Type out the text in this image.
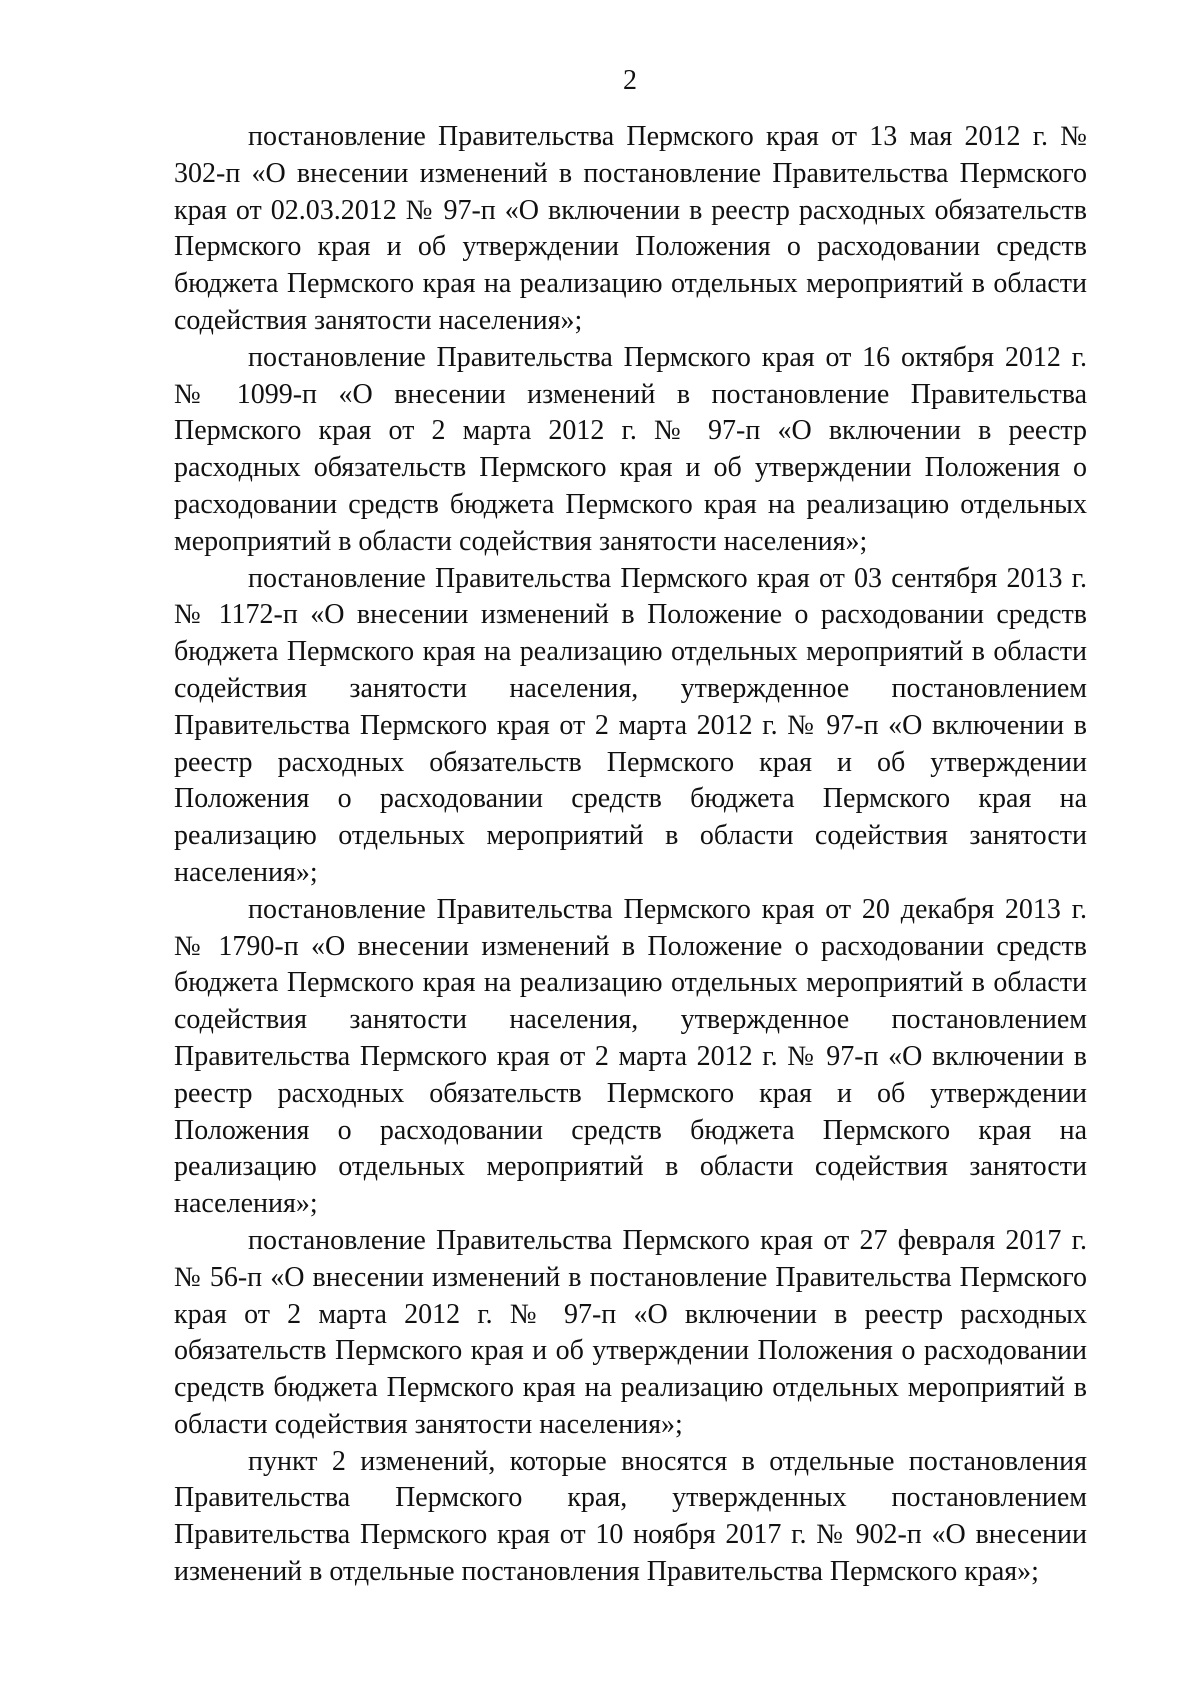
2

постановление Правительства Пермского края от 13 мая 2012 г. № 302-п «О внесении изменений в постановление Правительства Пермского края от 02.03.2012 № 97-п «О включении в реестр расходных обязательств Пермского края и об утверждении Положения о расходовании средств бюджета Пермского края на реализацию отдельных мероприятий в области содействия занятости населения»;

постановление Правительства Пермского края от 16 октября 2012 г. № 1099-п «О внесении изменений в постановление Правительства Пермского края от 2 марта 2012 г. № 97-п «О включении в реестр расходных обязательств Пермского края и об утверждении Положения о расходовании средств бюджета Пермского края на реализацию отдельных мероприятий в области содействия занятости населения»;

постановление Правительства Пермского края от 03 сентября 2013 г. № 1172-п «О внесении изменений в Положение о расходовании средств бюджета Пермского края на реализацию отдельных мероприятий в области содействия занятости населения, утвержденное постановлением Правительства Пермского края от 2 марта 2012 г. № 97-п «О включении в реестр расходных обязательств Пермского края и об утверждении Положения о расходовании средств бюджета Пермского края на реализацию отдельных мероприятий в области содействия занятости населения»;

постановление Правительства Пермского края от 20 декабря 2013 г. № 1790-п «О внесении изменений в Положение о расходовании средств бюджета Пермского края на реализацию отдельных мероприятий в области содействия занятости населения, утвержденное постановлением Правительства Пермского края от 2 марта 2012 г. № 97-п «О включении в реестр расходных обязательств Пермского края и об утверждении Положения о расходовании средств бюджета Пермского края на реализацию отдельных мероприятий в области содействия занятости населения»;

постановление Правительства Пермского края от 27 февраля 2017 г. № 56-п «О внесении изменений в постановление Правительства Пермского края от 2 марта 2012 г. № 97-п «О включении в реестр расходных обязательств Пермского края и об утверждении Положения о расходовании средств бюджета Пермского края на реализацию отдельных мероприятий в области содействия занятости населения»;

пункт 2 изменений, которые вносятся в отдельные постановления Правительства Пермского края, утвержденных постановлением Правительства Пермского края от 10 ноября 2017 г. № 902-п «О внесении изменений в отдельные постановления Правительства Пермского края»;
